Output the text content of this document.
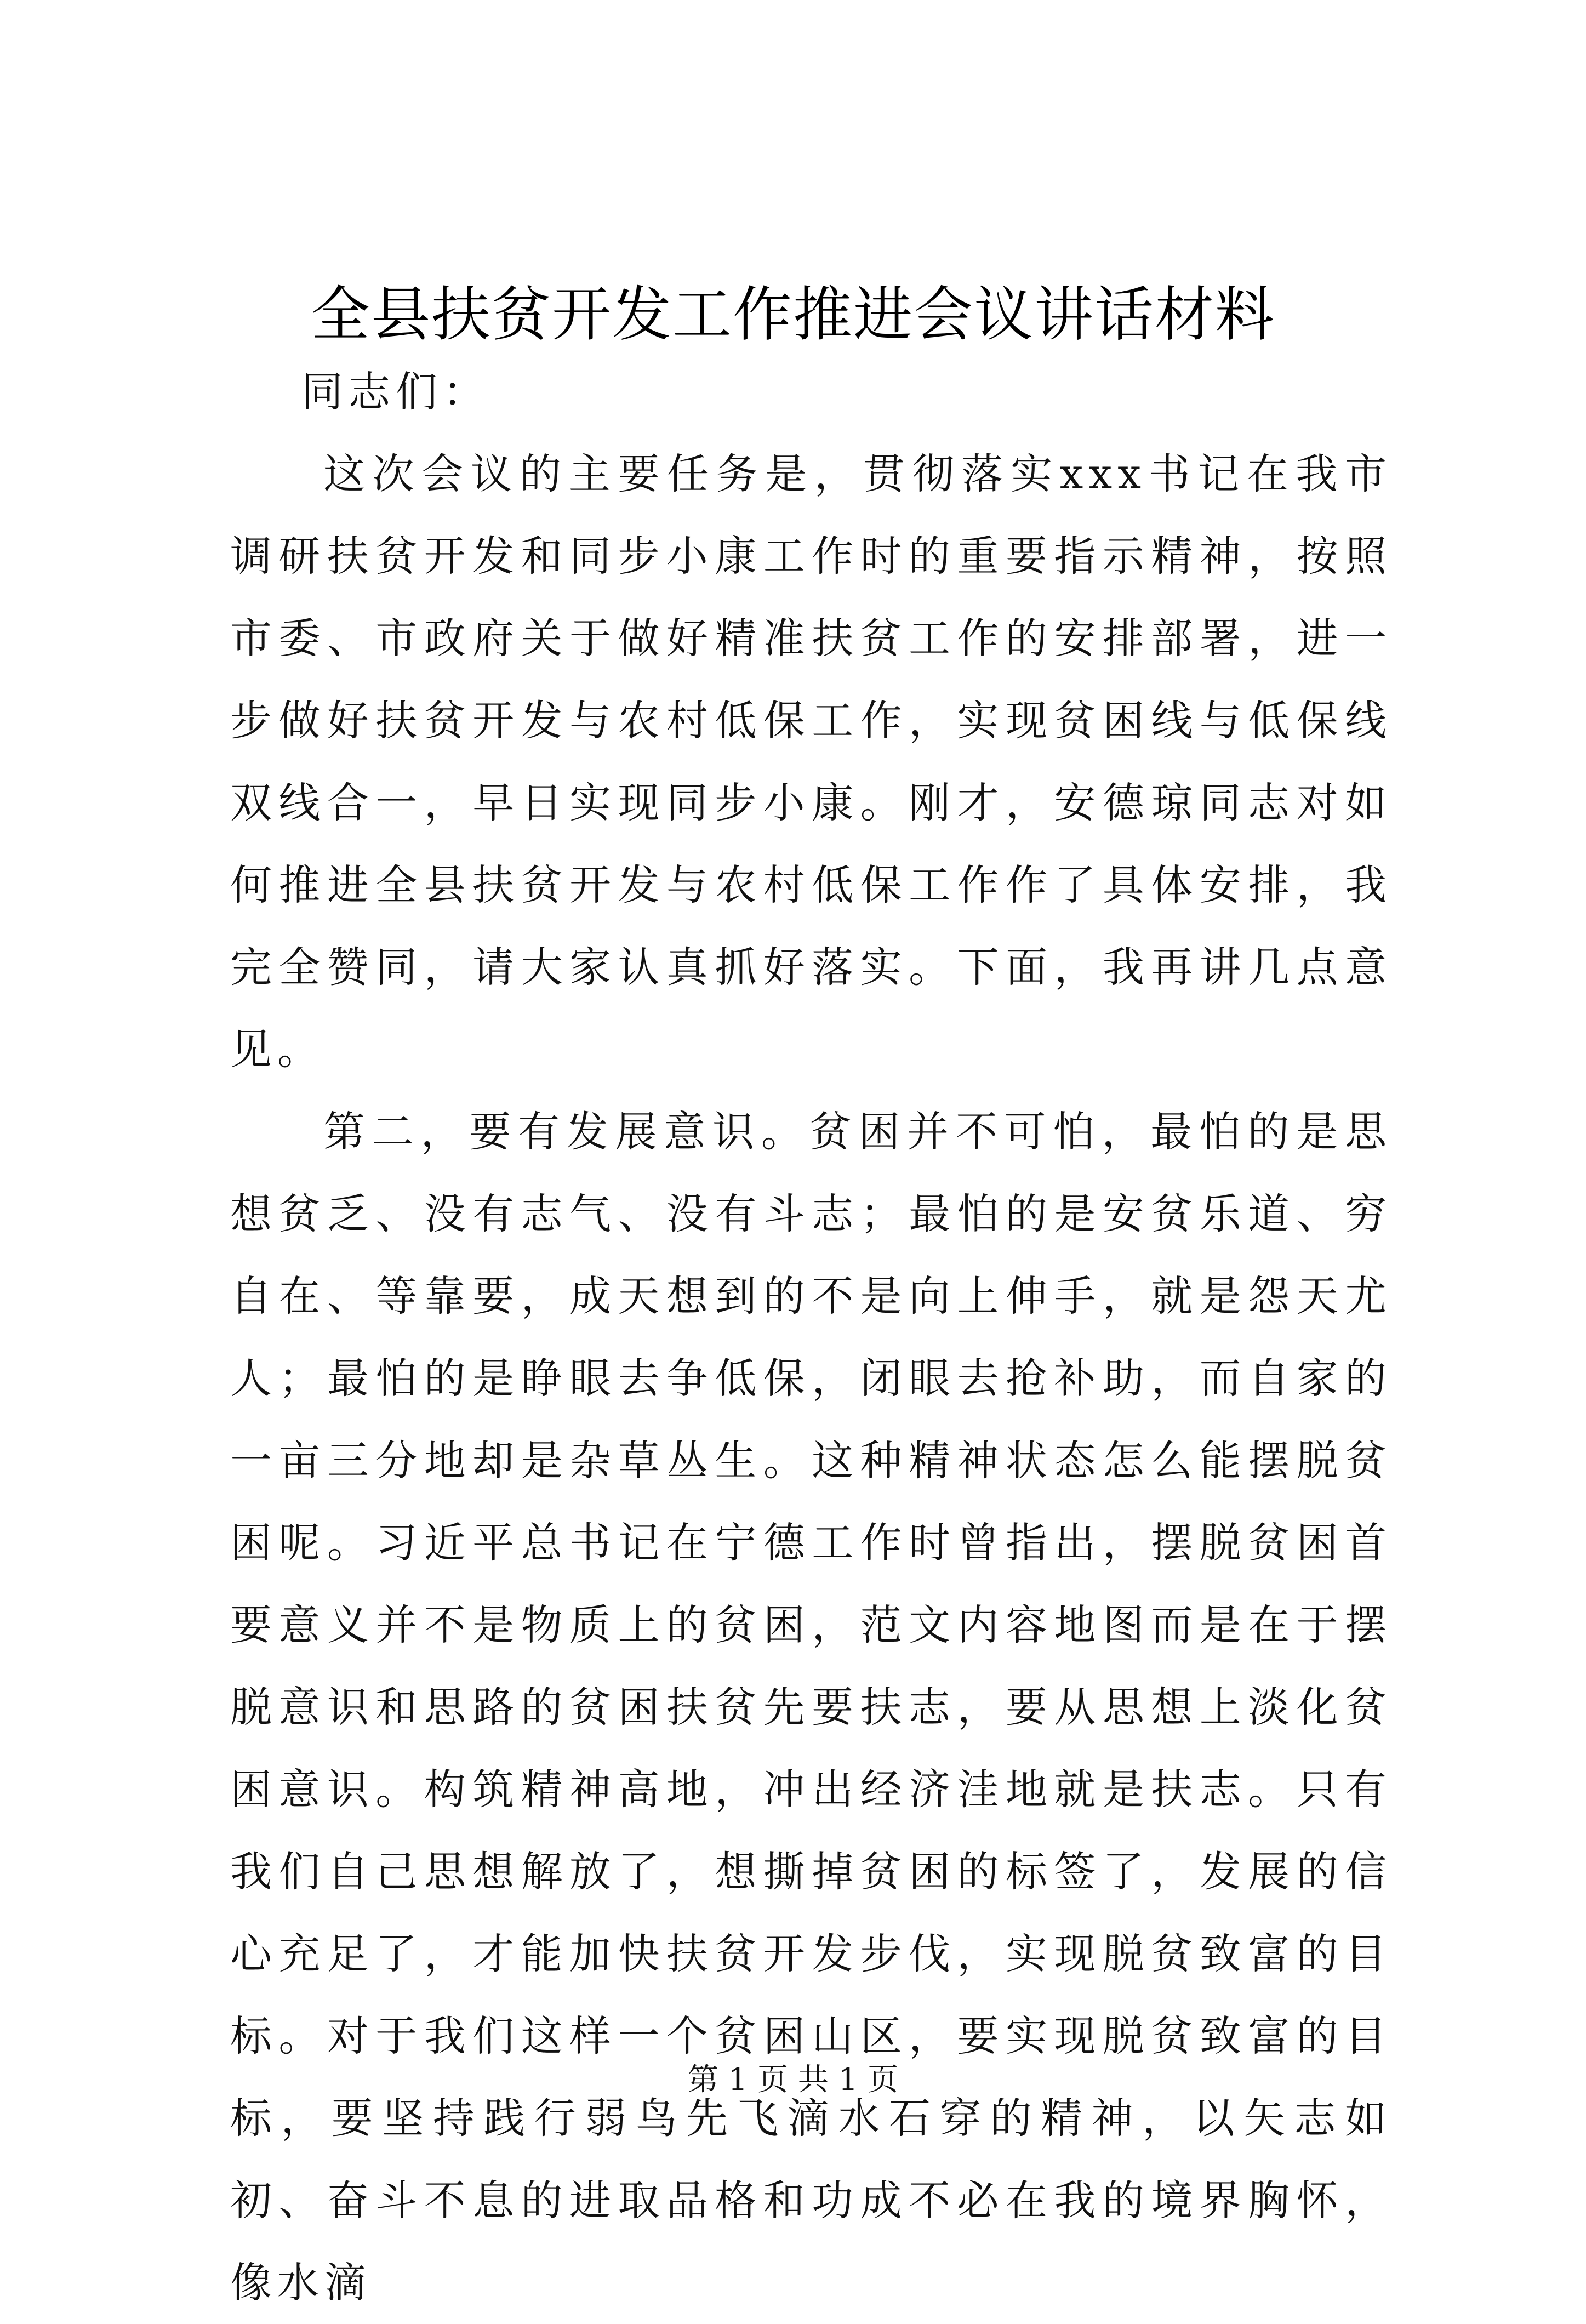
全县扶贫开发工作推进会议讲话材料

同志们：

这次会议的主要任务是，贯彻落实xxx书记在我市调研扶贫开发和同步小康工作时的重要指示精神，按照市委、市政府关于做好精准扶贫工作的安排部署，进一步做好扶贫开发与农村低保工作，实现贫困线与低保线双线合一，早日实现同步小康。刚才，安德琼同志对如何推进全县扶贫开发与农村低保工作作了具体安排，我完全赞同，请大家认真抓好落实。下面，我再讲几点意见。

第二，要有发展意识。贫困并不可怕，最怕的是思想贫乏、没有志气、没有斗志；最怕的是安贫乐道、穷自在、等靠要，成天想到的不是向上伸手，就是怨天尤人；最怕的是睁眼去争低保，闭眼去抢补助，而自家的一亩三分地却是杂草丛生。这种精神状态怎么能摆脱贫困呢。习近平总书记在宁德工作时曾指出，摆脱贫困首要意义并不是物质上的贫困，范文内容地图而是在于摆脱意识和思路的贫困扶贫先要扶志，要从思想上淡化贫困意识。构筑精神高地，冲出经济洼地就是扶志。只有我们自己思想解放了，想撕掉贫困的标签了，发展的信心充足了，才能加快扶贫开发步伐，实现脱贫致富的目标。对于我们这样一个贫困山区，要实现脱贫致富的目标，要坚持践行弱鸟先飞滴水石穿的精神，以矢志如初、奋斗不息的进取品格和功成不必在我的境界胸怀，像水滴

第 1 页 共 1 页
